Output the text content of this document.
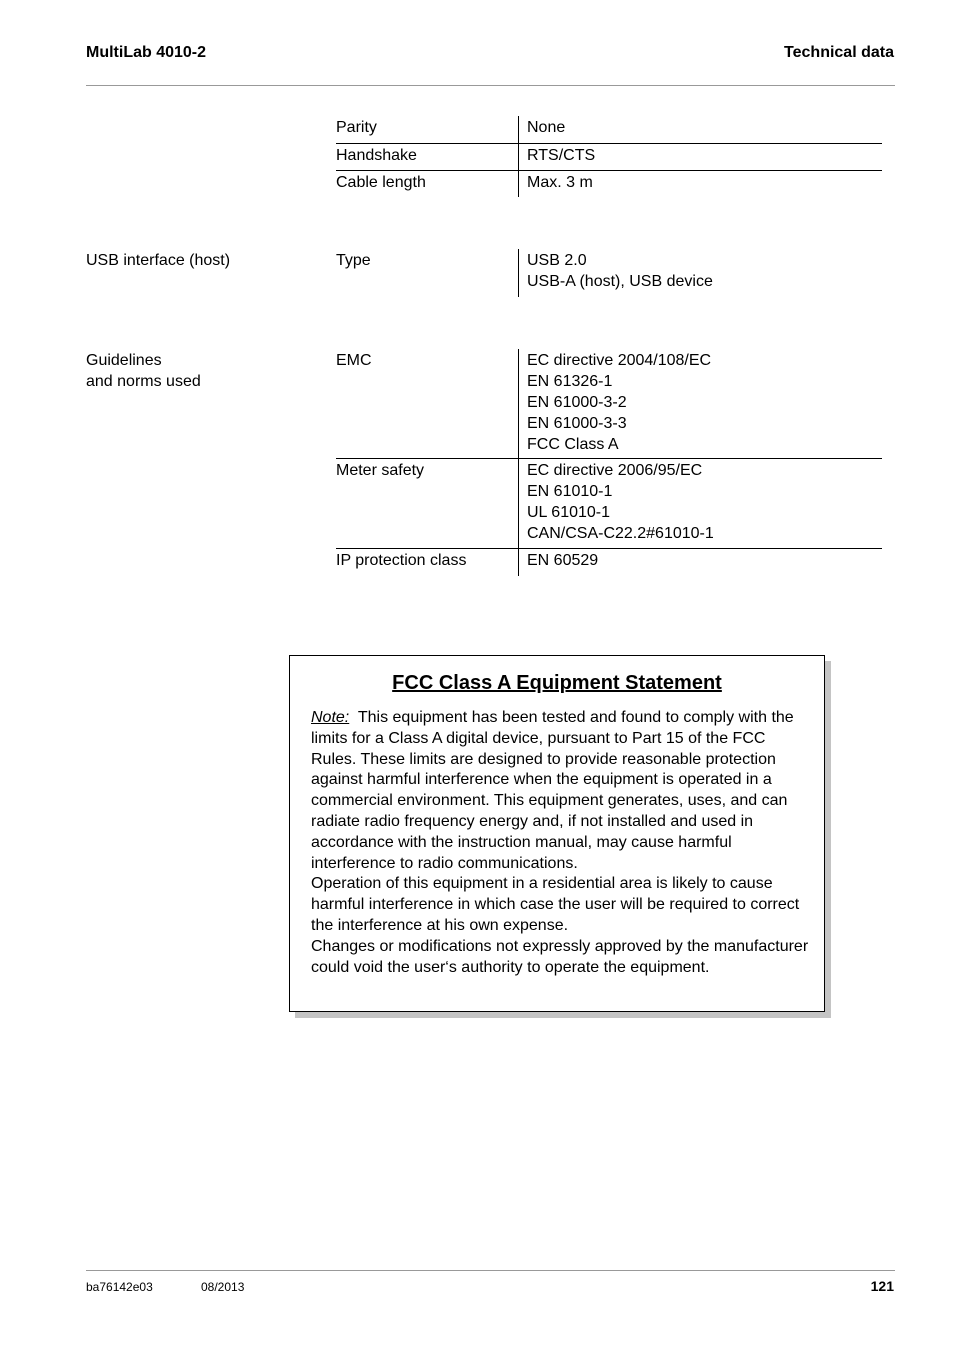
MultiLab 4010-2	Technical data
Parity	None
Handshake	RTS/CTS
Cable length	Max. 3 m
USB interface (host)	Type	USB 2.0
USB-A (host), USB device
Guidelines
and norms used
EMC	EC directive 2004/108/EC
EN 61326-1
EN 61000-3-2
EN 61000-3-3
FCC Class A
Meter safety	EC directive 2006/95/EC
EN 61010-1
UL 61010-1
CAN/CSA-C22.2#61010-1
IP protection class	EN 60529
FCC Class A Equipment Statement

Note: This equipment has been tested and found to comply with the limits for a Class A digital device, pursuant to Part 15 of the FCC Rules. These limits are designed to provide reasonable protection against harmful interference when the equipment is operated in a commercial environment. This equipment generates, uses, and can radiate radio frequency energy and, if not installed and used in accordance with the instruction manual, may cause harmful interference to radio communications.

Operation of this equipment in a residential area is likely to cause harmful interference in which case the user will be required to correct the interference at his own expense.

Changes or modifications not expressly approved by the manufacturer could void the user‘s authority to operate the equipment.

ba76142e03	08/2013	121
